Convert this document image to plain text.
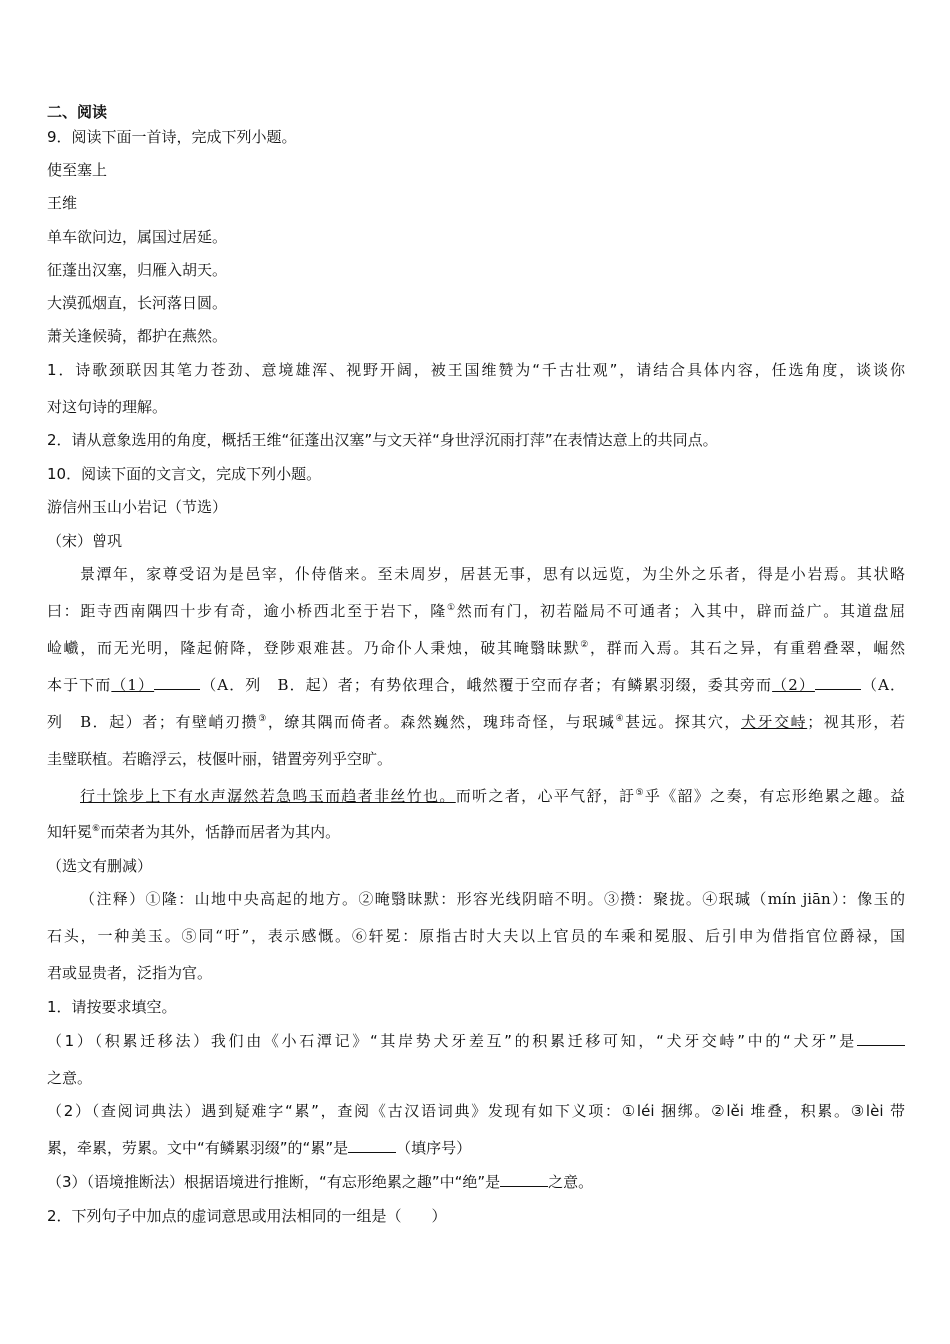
二、阅读
9．阅读下面一首诗，完成下列小题。
使至塞上
王维
单车欲问边，属国过居延。
征蓬出汉塞，归雁入胡天。
大漠孤烟直，长河落日圆。
萧关逢候骑，都护在燕然。
1．诗歌颈联因其笔力苍劲、意境雄浑、视野开阔，被王国维赞为“千古壮观”，请结合具体内容，任选角度，谈谈你
对这句诗的理解。
2．请从意象选用的角度，概括王维“征蓬出汉塞”与文天祥“身世浮沉雨打萍”在表情达意上的共同点。
10．阅读下面的文言文，完成下列小题。
游信州玉山小岩记（节选）
（宋）曾巩
景潭年，家尊受诏为是邑宰，仆侍偕来。至未周岁，居甚无事，思有以远览，为尘外之乐者，得是小岩焉。其状略
曰：距寺西南隅四十步有奇，逾小桥西北至于岩下，隆①然而有门，初若隘局不可通者；入其中，辟而益广。其道盘屈
崄巇，而无光明，隆起俯降，登陟艰难甚。乃命仆人秉烛，破其晻翳昧默②，群而入焉。其石之异，有重碧叠翠，崛然
本于下而（1）	（A．列　B．起）者；有势依理合，峨然覆于空而存者；有鳞累羽缀，委其旁而（2）	（A．
列　B．起）者；有壁峭刃攒③，缭其隅而倚者。森然巍然，瑰玮奇怪，与珉瑊④甚远。探其穴，犬牙交峙；视其形，若
圭璧联植。若瞻浮云，枝偃叶丽，错置旁列乎空旷。
行十馀步上下有水声潺然若急鸣玉而趋者非丝竹也。而听之者，心平气舒，訏⑤乎《韶》之奏，有忘形绝累之趣。益
知轩冕⑥而荣者为其外，恬静而居者为其内。
（选文有删减）
（注释）①隆：山地中央高起的地方。②晻翳昧默：形容光线阴暗不明。③攒：聚拢。④珉瑊（mín jiān）：像玉的
石头，一种美玉。⑤同“吁”，表示感慨。⑥轩冕：原指古时大夫以上官员的车乘和冕服、后引申为借指官位爵禄，国
君或显贵者，泛指为官。
1．请按要求填空。
（1）（积累迁移法）我们由《小石潭记》“其岸势犬牙差互”的积累迁移可知，“犬牙交峙”中的“犬牙”是
之意。
（2）（查阅词典法）遇到疑难字“累”，查阅《古汉语词典》发现有如下义项：①léi 捆绑。②lěi 堆叠，积累。③lèi 带
累，牵累，劳累。文中“有鳞累羽缀”的“累”是	（填序号）
（3）（语境推断法）根据语境进行推断，“有忘形绝累之趣”中“绝”是	之意。
2．下列句子中加点的虚词意思或用法相同的一组是（　　）
